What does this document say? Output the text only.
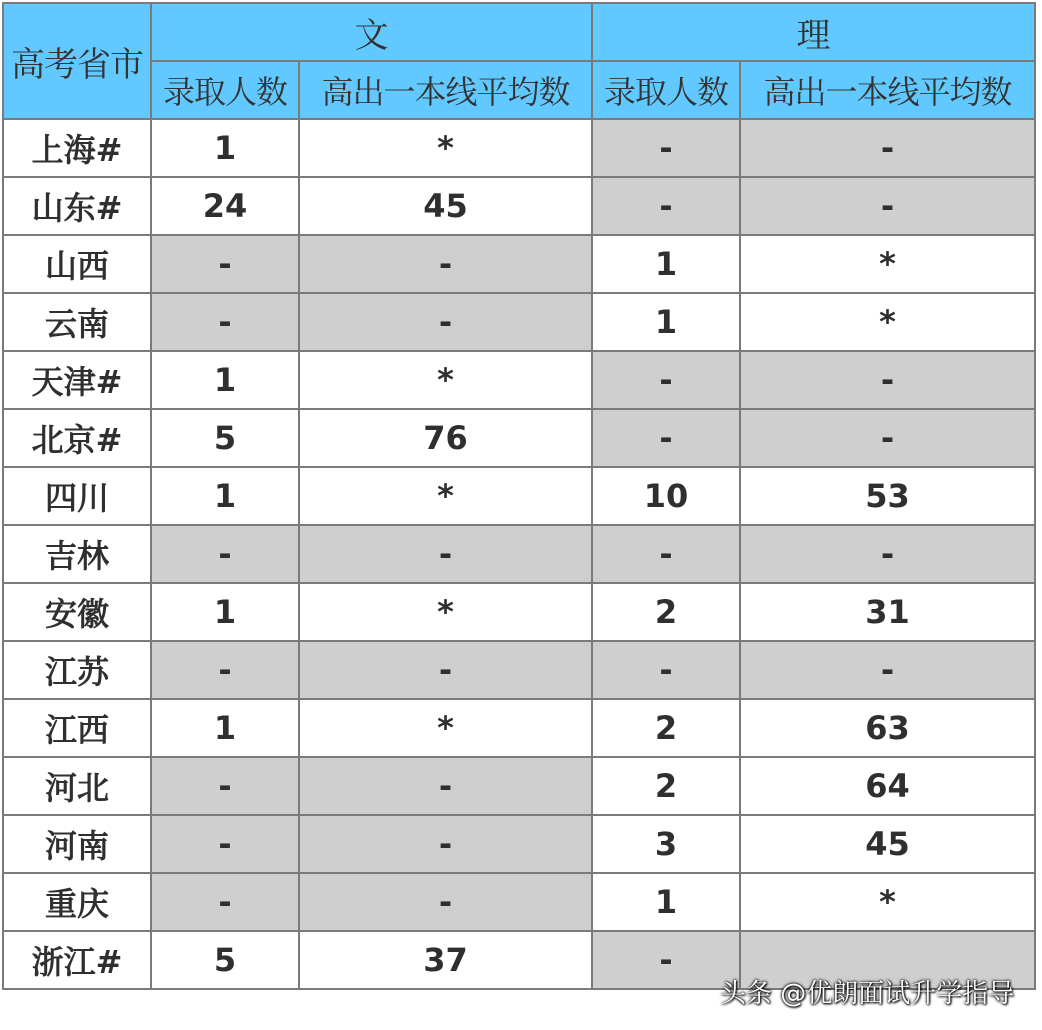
高考省市	文		理	
	录取人数	高出一本线平均数	录取人数	高出一本线平均数
上海#	1	*	-	-
山东#	24	45	-	-
山西	-	-	1	*
云南	-	-	1	*
天津#	1	*	-	-
北京#	5	76	-	-
四川	1	*	10	53
吉林	-	-	-	-
安徽	1	*	2	31
江苏	-	-	-	-
江西	1	*	2	63
河北	-	-	2	64
河南	-	-	3	45
重庆	-	-	1	*
浙江#	5	37	-	
头条 @优朗面试升学指导
